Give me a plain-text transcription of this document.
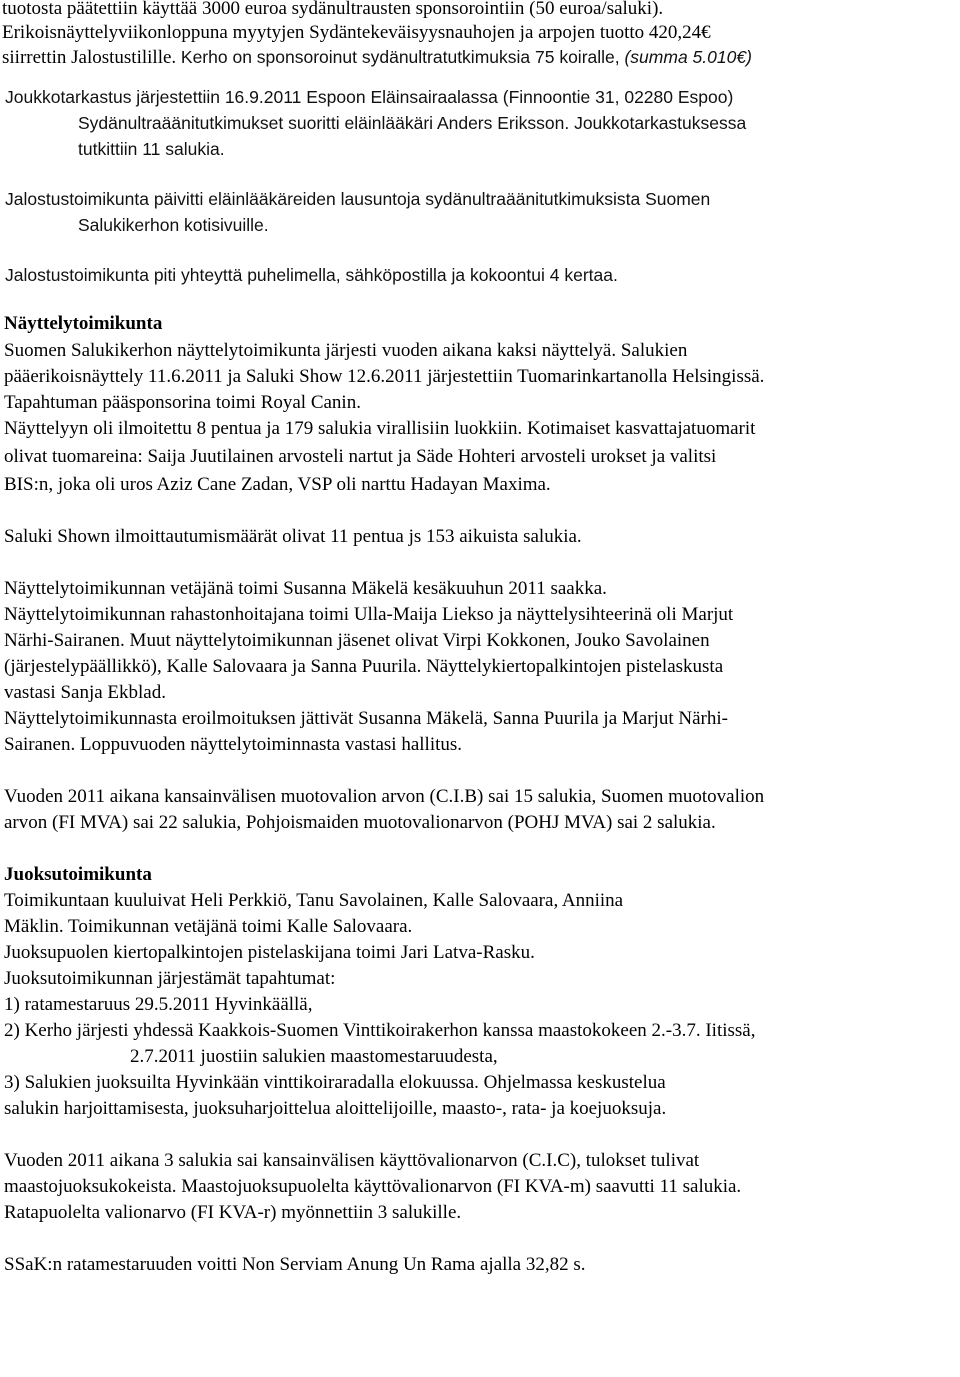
tuotosta päätettiin käyttää 3000 euroa sydänultrausten sponsorointiin (50 euroa/saluki).
Erikoisnäyttelyviikonloppuna myytyjen Sydäntekeväisyysnauhojen ja arpojen tuotto 420,24€
siirrettin Jalostustilille. Kerho on sponsoroinut sydänultratutkimuksia 75 koiralle, (summa 5.010€)
Joukkotarkastus järjestettiin 16.9.2011 Espoon Eläinsairaalassa (Finnoontie 31, 02280 Espoo)
Sydänultraäänitutkimukset suoritti eläinlääkäri Anders Eriksson. Joukkotarkastuksessa
tutkittiin 11 salukia.
Jalostustoimikunta päivitti eläinlääkäreiden lausuntoja sydänultraäänitutkimuksista Suomen
Salukikerhon kotisivuille.
Jalostustoimikunta piti yhteyttä puhelimella, sähköpostilla ja kokoontui 4 kertaa.
Näyttelytoimikunta
Suomen Salukikerhon näyttelytoimikunta järjesti vuoden aikana kaksi näyttelyä. Salukien
pääerikoisnäyttely 11.6.2011 ja Saluki Show 12.6.2011 järjestettiin Tuomarinkartanolla Helsingissä.
Tapahtuman pääsponsorina toimi Royal Canin.
Näyttelyyn oli ilmoitettu 8 pentua ja 179 salukia virallisiin luokkiin. Kotimaiset kasvattajatuomarit
olivat tuomareina: Saija Juutilainen arvosteli nartut ja Säde Hohteri arvosteli urokset ja valitsi
BIS:n, joka oli uros Aziz Cane Zadan, VSP oli narttu Hadayan Maxima.
Saluki Shown ilmoittautumismäärät olivat 11 pentua js 153 aikuista salukia.
Näyttelytoimikunnan vetäjänä toimi Susanna Mäkelä kesäkuuhun 2011 saakka.
Näyttelytoimikunnan rahastonhoitajana toimi Ulla-Maija Liekso ja näyttelysihteerinä oli Marjut
Närhi-Sairanen. Muut näyttelytoimikunnan jäsenet olivat Virpi Kokkonen, Jouko Savolainen
(järjestelypäällikkö), Kalle Salovaara ja Sanna Puurila. Näyttelykiertopalkintojen pistelaskusta
vastasi Sanja Ekblad.
Näyttelytoimikunnasta eroilmoituksen jättivät Susanna Mäkelä, Sanna Puurila ja Marjut Närhi-
Sairanen. Loppuvuoden näyttelytoiminnasta vastasi hallitus.
Vuoden 2011 aikana kansainvälisen muotovalion arvon (C.I.B) sai 15 salukia, Suomen muotovalion
arvon (FI MVA) sai 22 salukia, Pohjoismaiden muotovalionarvon (POHJ MVA) sai 2 salukia.
Juoksutoimikunta
Toimikuntaan kuuluivat Heli Perkkiö, Tanu Savolainen, Kalle Salovaara, Anniina
Mäklin. Toimikunnan vetäjänä toimi Kalle Salovaara.
Juoksupuolen kiertopalkintojen pistelaskijana toimi Jari Latva-Rasku.
Juoksutoimikunnan järjestämät tapahtumat:
1) ratamestaruus 29.5.2011 Hyvinkäällä,
2) Kerho järjesti yhdessä Kaakkois-Suomen Vinttikoirakerhon kanssa maastokokeen 2.-3.7. Iitissä,
2.7.2011 juostiin salukien maastomestaruudesta,
3) Salukien juoksuilta Hyvinkään vinttikoiraradalla elokuussa. Ohjelmassa keskustelua
salukin harjoittamisesta, juoksuharjoittelua aloittelijoille, maasto-, rata- ja koejuoksuja.
Vuoden 2011 aikana 3 salukia sai kansainvälisen käyttövalionarvon (C.I.C), tulokset tulivat
maastojuoksukokeista. Maastojuoksupuolelta käyttövalionarvon (FI KVA-m) saavutti 11 salukia.
Ratapuolelta valionarvo (FI KVA-r) myönnettiin 3 salukille.
SSaK:n ratamestaruuden voitti Non Serviam Anung Un Rama ajalla 32,82 s.
